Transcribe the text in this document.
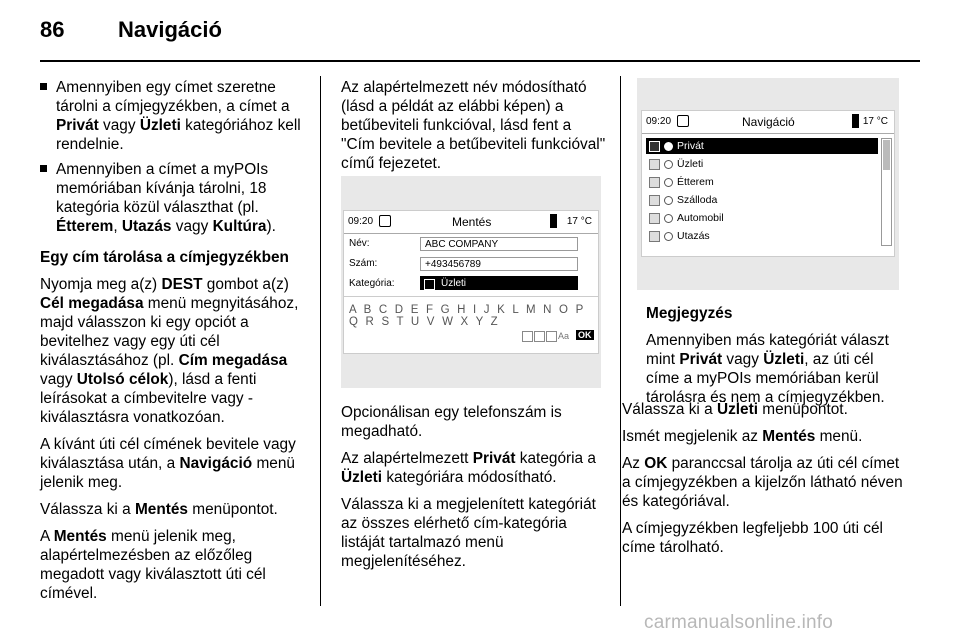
86 Navigáció
Amennyiben egy címet szeretne tárolni a címjegyzékben, a címet a Privát vagy Üzleti kategóriához kell rendelnie.
Amennyiben a címet a myPOIs memóriában kívánja tárolni, 18 kategória közül választhat (pl. Étterem, Utazás vagy Kultúra).

Egy cím tárolása a címjegyzékben

Nyomja meg a(z) DEST gombot a(z) Cél megadása menü megnyitásához, majd válasszon ki egy opciót a bevitelhez vagy egy úti cél kiválasztásához (pl. Cím megadása vagy Utolsó célok), lásd a fenti leírásokat a címbevitelre vagy -kiválasztásra vonatkozóan.

A kívánt úti cél címének bevitele vagy kiválasztása után, a Navigáció menü jelenik meg.

Válassza ki a Mentés menüpontot.

A Mentés menü jelenik meg, alapértelmezésben az előzőleg megadott vagy kiválasztott úti cél címével.

Az alapértelmezett név módosítható (lásd a példát az elábbi képen) a betűbeviteli funkcióval, lásd fent a "Cím bevitele a betűbeviteli funkcióval" című fejezetet.

09:20	Mentés	17 °C
Név:	ABC COMPANY
Szám:	+493456789
Kategória:	Üzleti
A B C D E F G H I J K L M N O P Q R S T U V W X Y Z
Aa OK

Opcionálisan egy telefonszám is megadható.

Az alapértelmezett Privát kategória a Üzleti kategóriára módosítható.

Válassza ki a megjelenített kategóriát az összes elérhető cím-kategória listáját tartalmazó menü megjelenítéséhez.

09:20	Navigáció	17 °C
Privát
Üzleti
Étterem
Szálloda
Automobil
Utazás

Megjegyzés

Amennyiben más kategóriát választ mint Privát vagy Üzleti, az úti cél címe a myPOIs memóriában kerül tárolásra és nem a címjegyzékben.

Válassza ki a Üzleti menüpontot.

Ismét megjelenik az Mentés menü.

Az OK paranccsal tárolja az úti cél címet a címjegyzékben a kijelzőn látható néven és kategóriával.

A címjegyzékben legfeljebb 100 úti cél címe tárolható.

carmanualsonline.info
